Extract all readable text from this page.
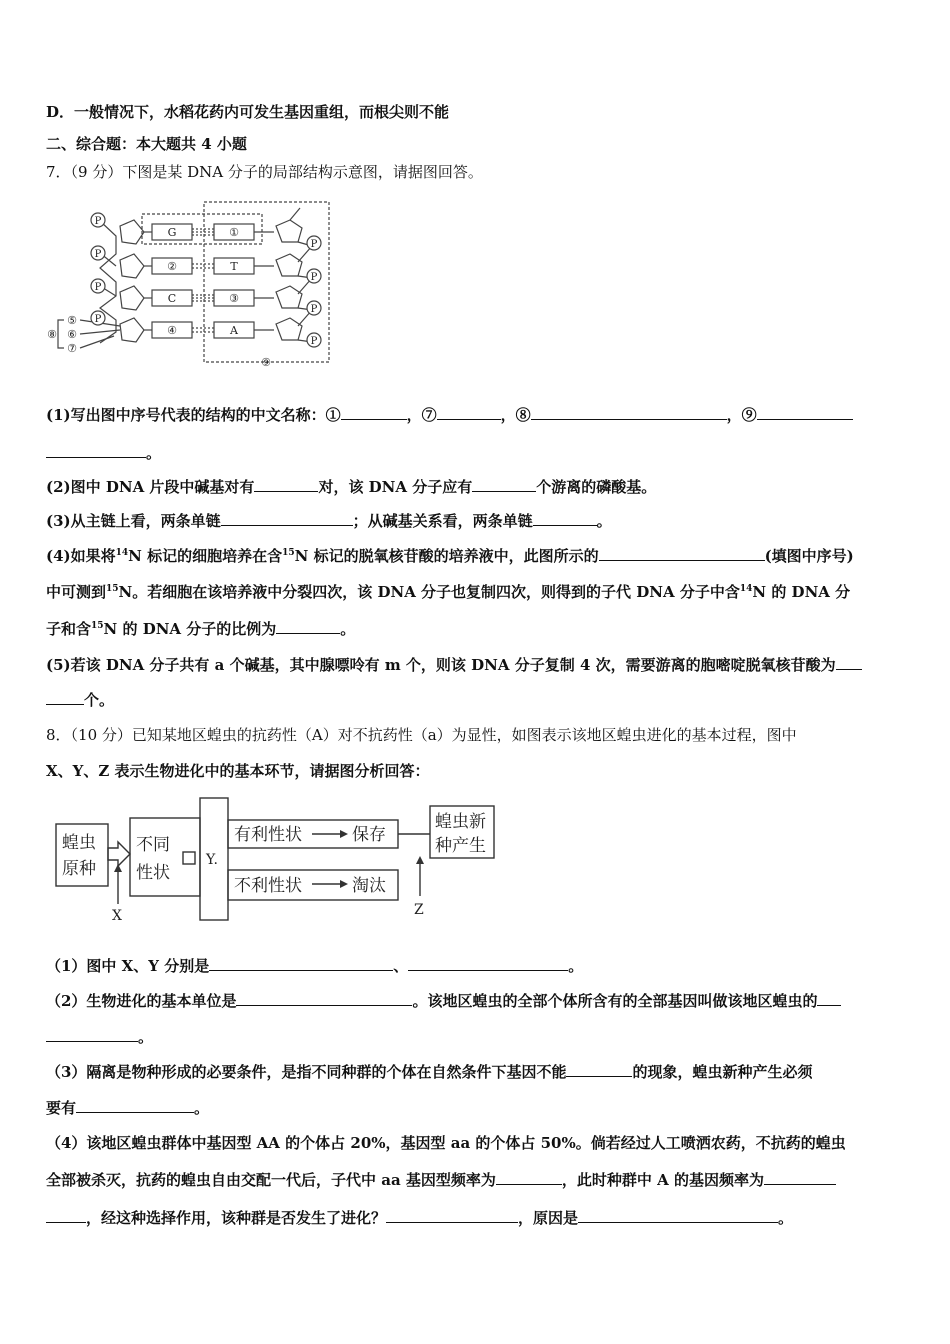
D．一般情况下，水稻花药内可发生基因重组，而根尖则不能
二、综合题：本大题共 4 小题
7．（9 分）下图是某 DNA 分子的局部结构示意图，请据图回答。
P
P
P
P
P
P
P
P
G
②
C
④
①
T
③
A
⑤
⑥
⑦
⑧
⑨
(1)写出图中序号代表的结构的中文名称：①	，⑦	，⑧	，⑨
。
(2)图中 DNA 片段中碱基对有	对，该 DNA 分子应有	个游离的磷酸基。
(3)从主链上看，两条单链	；从碱基关系看，两条单链	。
(4)如果将$^{14}$N 标记的细胞培养在含$^{15}$N 标记的脱氧核苷酸的培养液中，此图所示的	(填图中序号)
中可测到$^{15}$N。若细胞在该培养液中分裂四次，该 DNA 分子也复制四次，则得到的子代 DNA 分子中含$^{14}$N 的 DNA 分
子和含$^{15}$N 的 DNA 分子的比例为	。
(5)若该 DNA 分子共有 a 个碱基，其中腺嘌呤有 m 个，则该 DNA 分子复制 4 次，需要游离的胞嘧啶脱氧核苷酸为
个。
8．（10 分）已知某地区蝗虫的抗药性（A）对不抗药性（a）为显性，如图表示该地区蝗虫进化的基本过程，图中
X、Y、Z 表示生物进化中的基本环节，请据图分析回答：
蝗虫
原种
不同
性状
Y.
有利性状	保存
不利性状	淘汰
蝗虫新
种产生
X	Z
（1）图中 X、Y 分别是	、	。
（2）生物进化的基本单位是	。该地区蝗虫的全部个体所含有的全部基因叫做该地区蝗虫的
。
（3）隔离是物种形成的必要条件，是指不同种群的个体在自然条件下基因不能	的现象，蝗虫新种产生必须
要有	。
（4）该地区蝗虫群体中基因型 AA 的个体占 20%，基因型 aa 的个体占 50%。倘若经过人工喷洒农药，不抗药的蝗虫
全部被杀灭，抗药的蝗虫自由交配一代后，子代中 aa 基因型频率为	，此时种群中 A 的基因频率为
，经这种选择作用，该种群是否发生了进化？	，原因是	。
